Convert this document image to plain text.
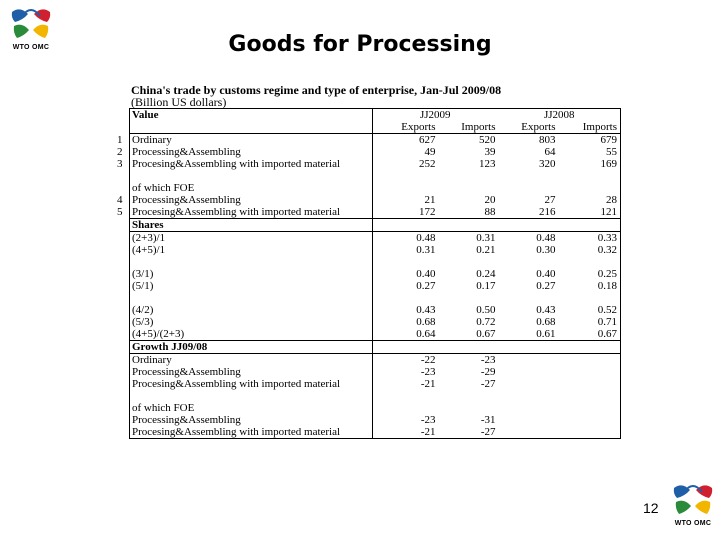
WTO OMC
WTO OMC
Goods for Processing
China's trade by customs regime and type of enterprise, Jan-Jul 2009/08
(Billion US dollars)
Value	JJ2009		JJ2008	
	Exports	Imports	Exports	Imports

1 Ordinary	627	520	803	679

2 Processing&Assembling	49	39	64	55

3 Procesing&Assembling with imported material	252	123	320	169

of which FOE				

4 Processing&Assembling	21	20	27	28

5 Procesing&Assembling with imported material	172	88	216	121
Shares				
(2+3)/1	0.48	0.31	0.48	0.33
(4+5)/1	0.31	0.21	0.30	0.32

(3/1)	0.40	0.24	0.40	0.25
(5/1)	0.27	0.17	0.27	0.18

(4/2)	0.43	0.50	0.43	0.52
(5/3)	0.68	0.72	0.68	0.71
(4+5)/(2+3)	0.64	0.67	0.61	0.67
Growth JJ09/08				
Ordinary	-22	-23		
Processing&Assembling	-23	-29		
Procesing&Assembling with imported material	-21	-27		

of which FOE				
Processing&Assembling	-23	-31		
Procesing&Assembling with imported material	-21	-27		
12
